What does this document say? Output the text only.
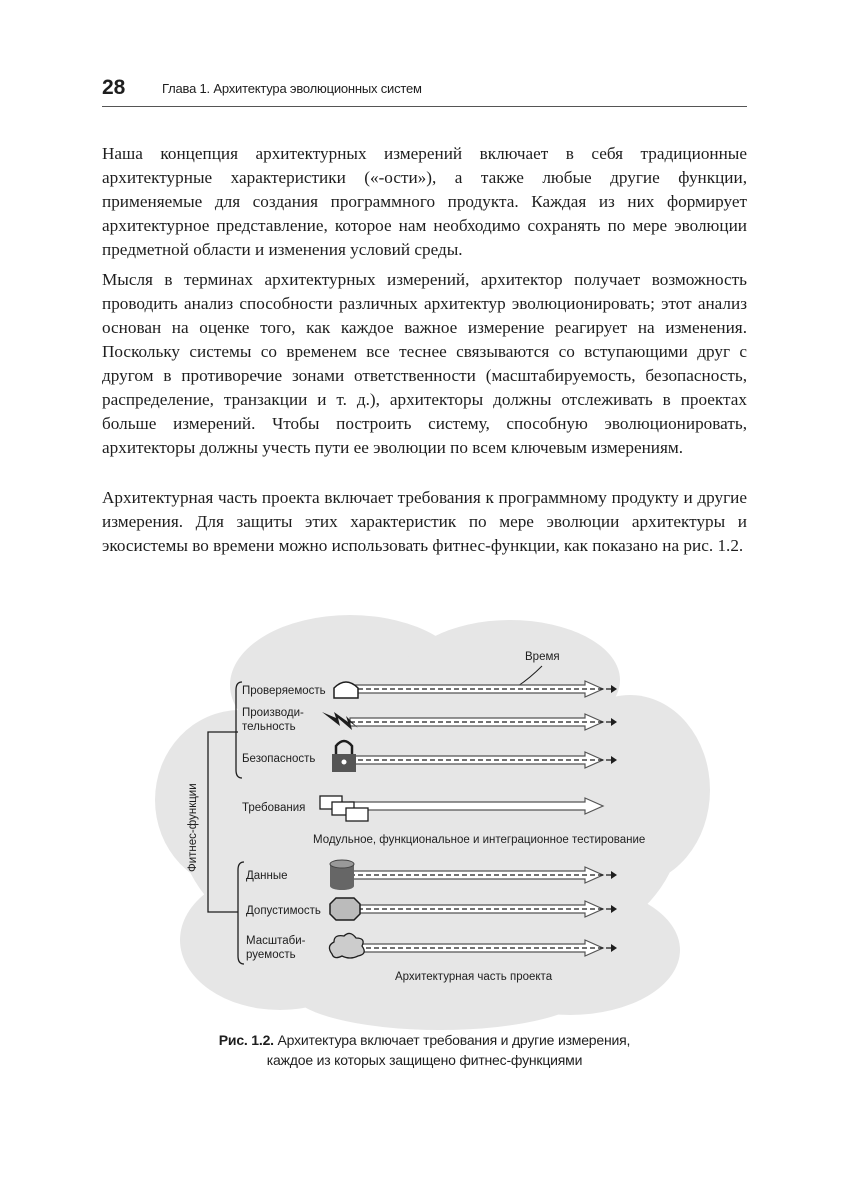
28	Глава 1. Архитектура эволюционных систем

Наша концепция архитектурных измерений включает в себя традиционные архитектурные характеристики («-ости»), а также любые другие функции, применяемые для создания программного продукта. Каждая из них формирует архитектурное представление, которое нам необходимо сохранять по мере эволюции предметной области и изменения условий среды.

Мысля в терминах архитектурных измерений, архитектор получает возможность проводить анализ способности различных архитектур эволюционировать; этот анализ основан на оценке того, как каждое важное измерение реагирует на изменения. Поскольку системы со временем все теснее связываются со вступающими друг с другом в противоречие зонами ответственности (масштабируемость, безопасность, распределение, транзакции и т. д.), архитекторы должны отслеживать в проектах больше измерений. Чтобы построить систему, способную эволюционировать, архитекторы должны учесть пути ее эволюции по всем ключевым измерениям.

Архитектурная часть проекта включает требования к программному продукту и другие измерения. Для защиты этих характеристик по мере эволюции архитектуры и экосистемы во времени можно использовать фитнес-функции, как показано на рис. 1.2.

Время
Фитнес-функции
Проверяемость
Производи-
тельность
Безопасность
Требования
Модульное, функциональное и интеграционное тестирование
Данные
Допустимость
Масштаби-
руемость
Архитектурная часть проекта
Рис. 1.2. Архитектура включает требования и другие измерения,
каждое из которых защищено фитнес-функциями
